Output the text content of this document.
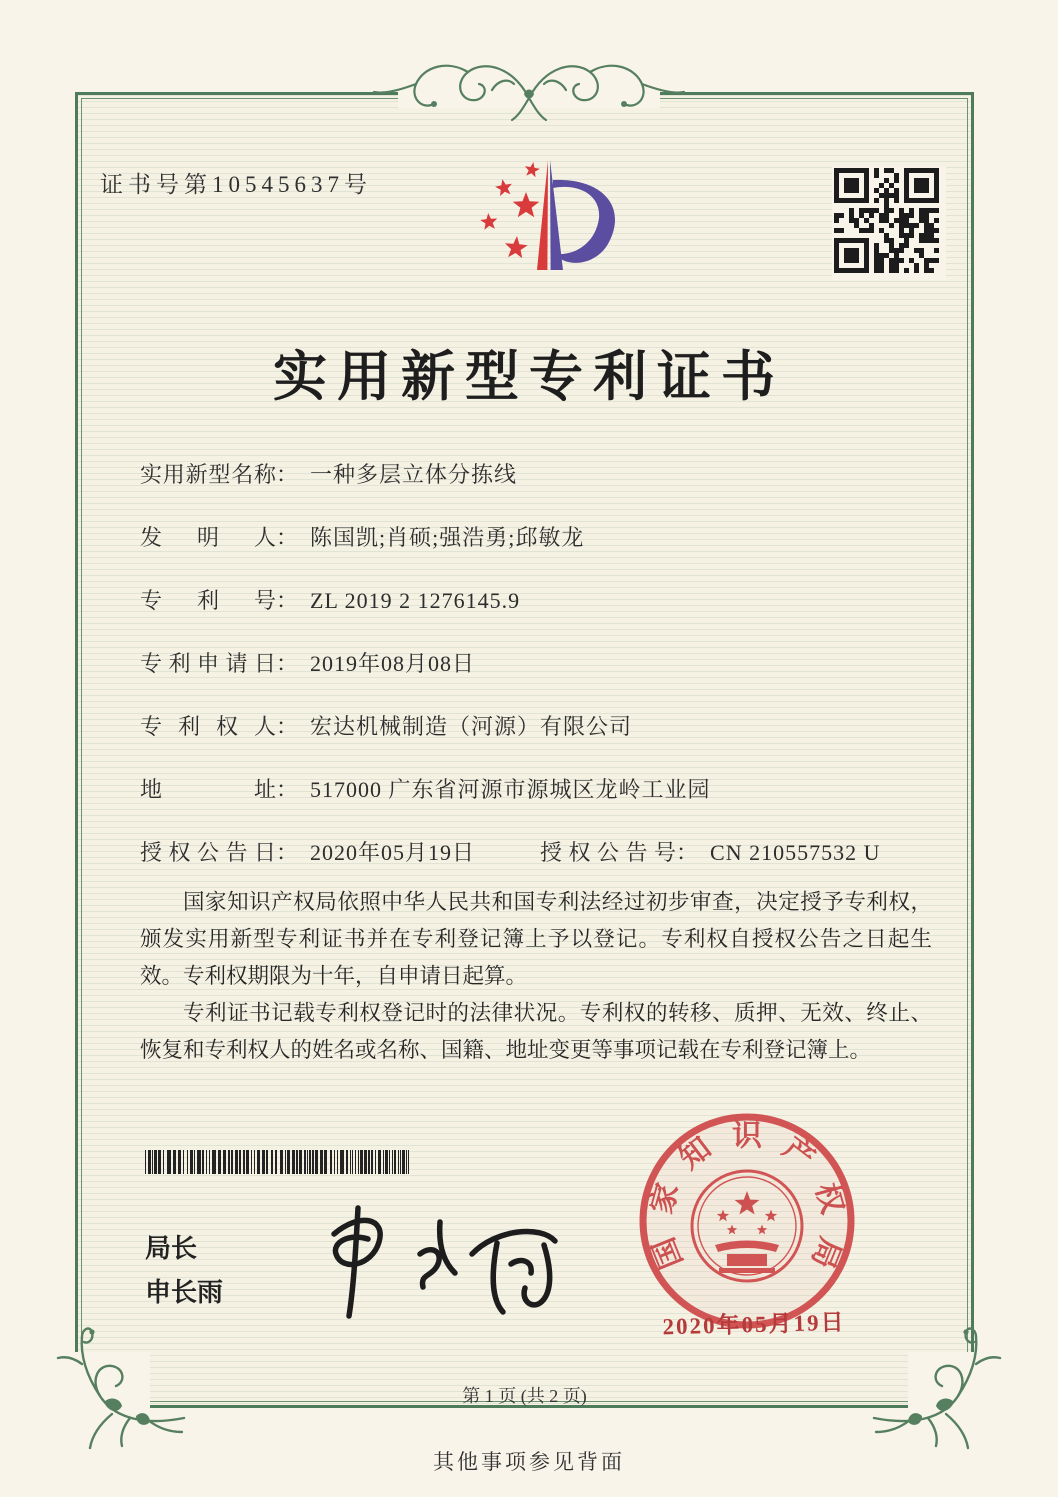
证书号第10545637号
实用新型专利证书
实用新型名称： 一种多层立体分拣线
发明人： 陈国凯;肖硕;强浩勇;邱敏龙
专利号： ZL 2019 2 1276145.9
专利申请日： 2019年08月08日
专利权人： 宏达机械制造（河源）有限公司
地址： 517000 广东省河源市源城区龙岭工业园
授权公告日： 2020年05月19日	授权公告号： CN 210557532 U

国家知识产权局依照中华人民共和国专利法经过初步审查，决定授予专利权，颁发实用新型专利证书并在专利登记簿上予以登记。专利权自授权公告之日起生效。专利权期限为十年，自申请日起算。

专利证书记载专利权登记时的法律状况。专利权的转移、质押、无效、终止、恢复和专利权人的姓名或名称、国籍、地址变更等事项记载在专利登记簿上。

局长
申长雨
国
家
知 识 产
权
局
2020年05月19日
第 1 页 (共 2 页)
其他事项参见背面
